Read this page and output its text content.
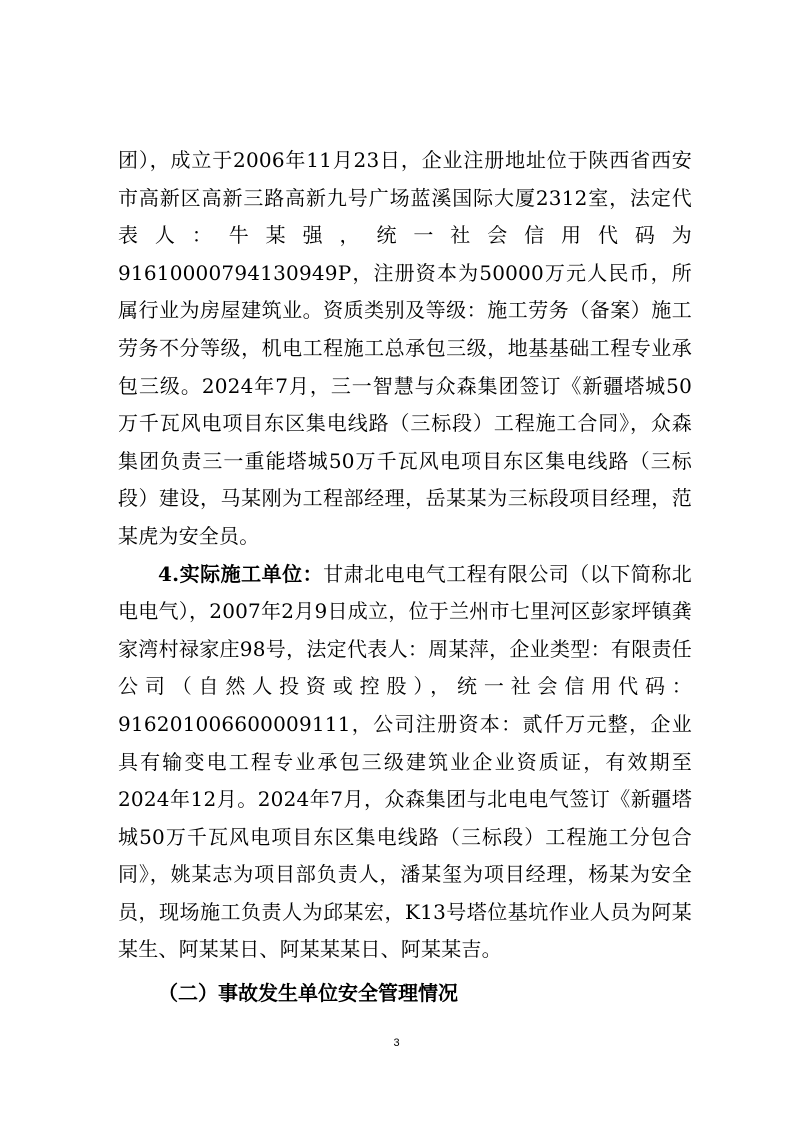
团），成立于2006年11月23日，企业注册地址位于陕西省西安市高新区高新三路高新九号广场蓝溪国际大厦2312室，法定代表人：牛某强，统一社会信用代码为91610000794130949P，注册资本为50000万元人民币，所属行业为房屋建筑业。资质类别及等级：施工劳务（备案）施工劳务不分等级，机电工程施工总承包三级，地基基础工程专业承包三级。2024年7月，三一智慧与众森集团签订《新疆塔城50万千瓦风电项目东区集电线路（三标段）工程施工合同》，众森集团负责三一重能塔城50万千瓦风电项目东区集电线路（三标段）建设，马某刚为工程部经理，岳某某为三标段项目经理，范某虎为安全员。

4.实际施工单位：甘肃北电电气工程有限公司（以下简称北电电气），2007年2月9日成立，位于兰州市七里河区彭家坪镇龚家湾村禄家庄98号，法定代表人：周某萍，企业类型：有限责任公司（自然人投资或控股），统一社会信用代码：916201006600009111，公司注册资本：贰仟万元整，企业具有输变电工程专业承包三级建筑业企业资质证，有效期至2024年12月。2024年7月，众森集团与北电电气签订《新疆塔城50万千瓦风电项目东区集电线路（三标段）工程施工分包合同》，姚某志为项目部负责人，潘某玺为项目经理，杨某为安全员，现场施工负责人为邱某宏，K13号塔位基坑作业人员为阿某某生、阿某某日、阿某某某日、阿某某吉。

（二）事故发生单位安全管理情况

3
